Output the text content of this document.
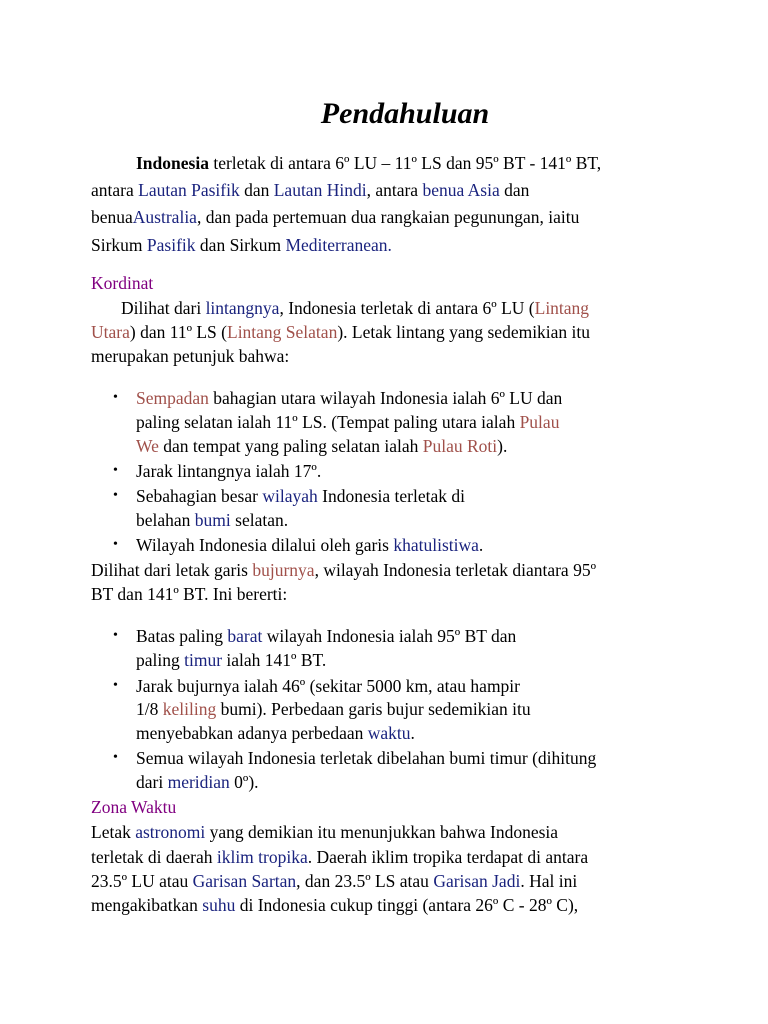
Pendahuluan
Indonesia terletak di antara 6º LU – 11º LS dan 95º BT - 141º BT,
antara Lautan Pasifik dan Lautan Hindi, antara benua Asia dan
benuaAustralia, dan pada pertemuan dua rangkaian pegunungan, iaitu
Sirkum Pasifik dan Sirkum Mediterranean.
Kordinat
Dilihat dari lintangnya, Indonesia terletak di antara 6º LU (Lintang
Utara) dan 11º LS (Lintang Selatan). Letak lintang yang sedemikian itu
merupakan petunjuk bahwa:
• Sempadan bahagian utara wilayah Indonesia ialah 6º LU dan
paling selatan ialah 11º LS. (Tempat paling utara ialah Pulau
We dan tempat yang paling selatan ialah Pulau Roti).
• Jarak lintangnya ialah 17º.
• Sebahagian besar wilayah Indonesia terletak di
belahan bumi selatan.
• Wilayah Indonesia dilalui oleh garis khatulistiwa.
Dilihat dari letak garis bujurnya, wilayah Indonesia terletak diantara 95º
BT dan 141º BT. Ini bererti:
• Batas paling barat wilayah Indonesia ialah 95º BT dan
paling timur ialah 141º BT.
• Jarak bujurnya ialah 46º (sekitar 5000 km, atau hampir
1/8 keliling bumi). Perbedaan garis bujur sedemikian itu
menyebabkan adanya perbedaan waktu.
• Semua wilayah Indonesia terletak dibelahan bumi timur (dihitung
dari meridian 0º).
Zona Waktu
Letak astronomi yang demikian itu menunjukkan bahwa Indonesia
terletak di daerah iklim tropika. Daerah iklim tropika terdapat di antara
23.5º LU atau Garisan Sartan, dan 23.5º LS atau Garisan Jadi. Hal ini
mengakibatkan suhu di Indonesia cukup tinggi (antara 26º C - 28º C),
